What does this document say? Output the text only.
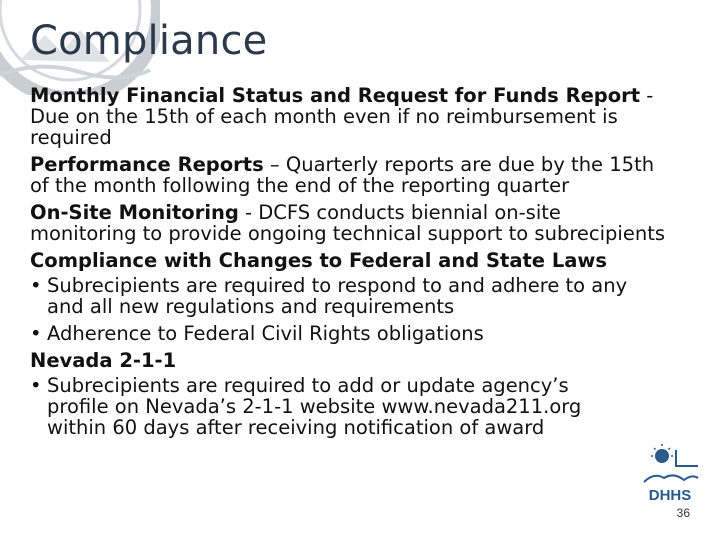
Compliance
Monthly Financial Status and Request for Funds Report - Due on the 15th of each month even if no reimbursement is required
Performance Reports – Quarterly reports are due by the 15th of the month following the end of the reporting quarter
On-Site Monitoring - DCFS conducts biennial on-site monitoring to provide ongoing technical support to subrecipients
Compliance with Changes to Federal and State Laws
• Subrecipients are required to respond to and adhere to any and all new regulations and requirements
• Adherence to Federal Civil Rights obligations
Nevada 2-1-1
• Subrecipients are required to add or update agency’s profile on Nevada’s 2-1-1 website www.nevada211.org within 60 days after receiving notification of award
DHHS
36
